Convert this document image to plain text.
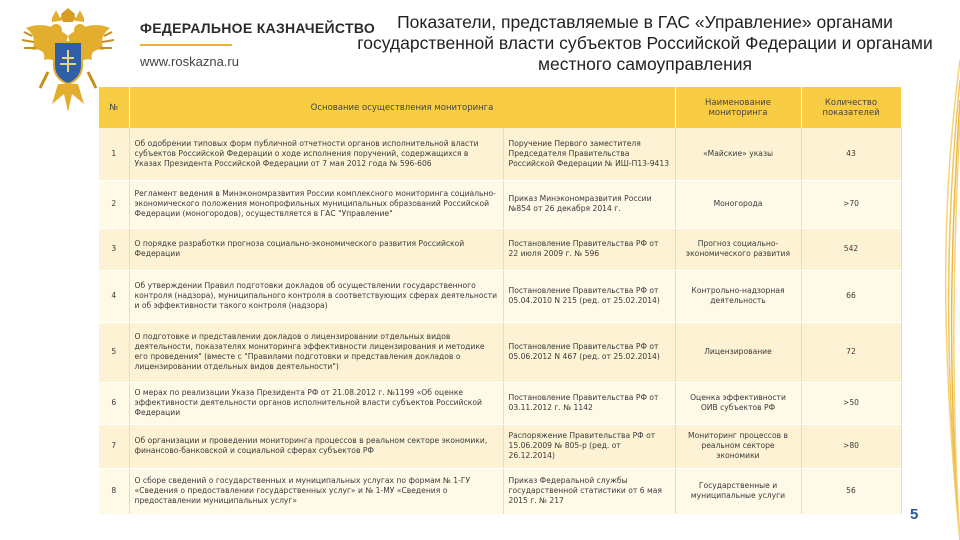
ФЕДЕРАЛЬНОЕ КАЗНАЧЕЙСТВО
www.roskazna.ru
Показатели, представляемые в ГАС «Управление» органами государственной власти субъектов Российской Федерации и органами местного самоуправления
№	Основание осуществления мониторинга		Наименование мониторинга	Количество показателей
1	Об одобрении типовых форм публичной отчетности органов исполнительной власти субъектов Российской Федерации о ходе исполнения поручений, содержащихся в Указах Президента Российской Федерации от 7 мая 2012 года № 596-606	Поручение Первого заместителя Председателя Правительства Российской Федерации № ИШ-П13-9413	«Майские» указы	43
2	Регламент ведения в Минэкономразвития России комплексного мониторинга социально-экономического положения монопрофильных муниципальных образований Российской Федерации (моногородов), осуществляется в ГАС "Управление"	Приказ Минэкономразвития России №854 от 26 декабря 2014 г.	Моногорода	>70
3	О порядке разработки прогноза социально-экономического развития Российской Федерации	Постановление Правительства РФ от 22 июля 2009 г. № 596	Прогноз социально-экономического развития	542
4	Об утверждении Правил подготовки докладов об осуществлении государственного контроля (надзора), муниципального контроля в соответствующих сферах деятельности и об эффективности такого контроля (надзора)	Постановление Правительства РФ от 05.04.2010 N 215 (ред. от 25.02.2014)	Контрольно-надзорная деятельность	66
5	О подготовке и представлении докладов о лицензировании отдельных видов деятельности, показателях мониторинга эффективности лицензирования и методике его проведения" (вместе с "Правилами подготовки и представления докладов о лицензировании отдельных видов деятельности")	Постановление Правительства РФ от 05.06.2012 N 467 (ред. от 25.02.2014)	Лицензирование	72
6	О мерах по реализации Указа Президента РФ от 21.08.2012 г. №1199 «Об оценке эффективности деятельности органов исполнительной власти субъектов Российской Федерации	Постановление Правительства РФ от 03.11.2012 г. № 1142	Оценка эффективности ОИВ субъектов РФ	>50
7	Об организации и проведении мониторинга процессов в реальном секторе экономики, финансово-банковской и социальной сферах субъектов РФ	Распоряжение Правительства РФ от 15.06.2009 № 805-р (ред. от 26.12.2014)	Мониторинг процессов в реальном секторе экономики	>80
8	О сборе сведений о государственных и муниципальных услугах по формам № 1-ГУ «Сведения о предоставлении государственных услуг» и № 1-МУ «Сведения о предоставлении муниципальных услуг»	Приказ Федеральной службы государственной статистики от 6 мая 2015 г. № 217	Государственные и муниципальные услуги	56
5
